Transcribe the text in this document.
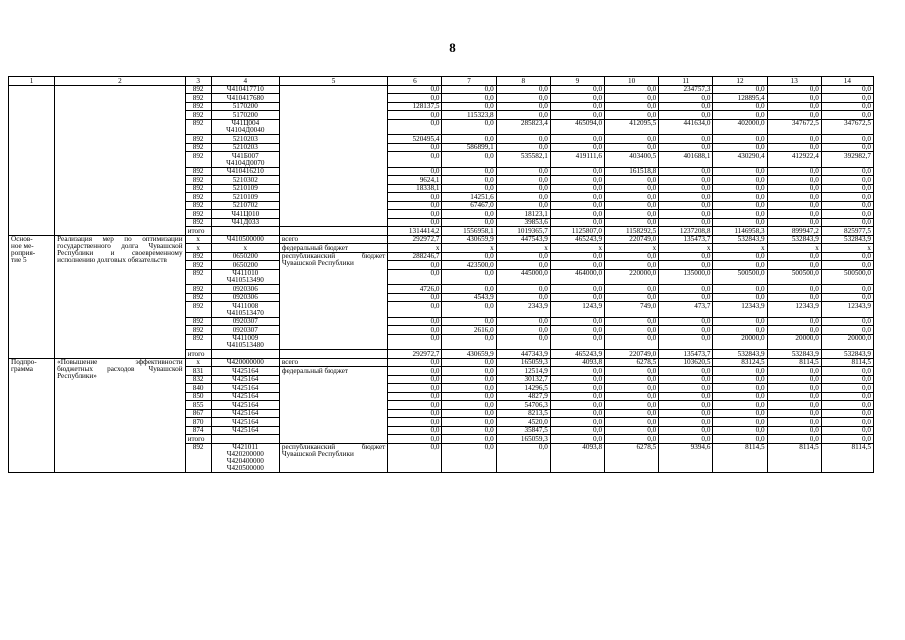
8
1	2	3	4	5	6	7	8	9	10	11	12	13	14
		892	Ч410417710		0,0	0,0	0,0	0,0	0,0	234757,3	0,0	0,0	0,0
		892	Ч410417680		0,0	0,0	0,0	0,0	0,0	0,0	128895,4	0,0	0,0
		892	5170200		128137,5	0,0	0,0	0,0	0,0	0,0	0,0	0,0	0,0
		892	5170200		0,0	115323,8	0,0	0,0	0,0	0,0	0,0	0,0	0,0
		892	Ч41Ц004
Ч4104Д0040		0,0	0,0	285823,4	465094,0	412095,5	441634,0	402000,0	347672,5	347672,5
		892	5210203		520495,4	0,0	0,0	0,0	0,0	0,0	0,0	0,0	0,0
		892	5210203		0,0	586899,1	0,0	0,0	0,0	0,0	0,0	0,0	0,0
		892	Ч41Б007
Ч4104Д0070		0,0	0,0	535582,1	419111,6	403400,5	401688,1	430290,4	412922,4	392982,7
		892	Ч410416210		0,0	0,0	0,0	0,0	161518,8	0,0	0,0	0,0	0,0
		892	5210302		9624,1	0,0	0,0	0,0	0,0	0,0	0,0	0,0	0,0
		892	5210109		18338,1	0,0	0,0	0,0	0,0	0,0	0,0	0,0	0,0
		892	5210109		0,0	14251,6	0,0	0,0	0,0	0,0	0,0	0,0	0,0
		892	5210702		0,0	67467,0	0,0	0,0	0,0	0,0	0,0	0,0	0,0
		892	Ч41Ц010		0,0	0,0	18123,1	0,0	0,0	0,0	0,0	0,0	0,0
		892	Ч41Д033		0,0	0,0	39853,6	0,0	0,0	0,0	0,0	0,0	0,0
		итого			1314414,2	1556958,1	1019365,7	1125807,0	1158292,5	1237208,8	1146958,3	899947,2	825977,5

Основ-
ное ме-
роприя-
тие 5	Реализация мер по оптимизации государственного долга Чувашской Республики и своевременному исполнению долговых обязательств	x	Ч410500000	всего	292972,7	430659,9	447543,9	465243,9	220749,0	135473,7	532843,9	532843,9	532843,9
		x	x	федеральный бюджет	x	x	x	x	x	x	x	x	x
		892	0650200	республиканский бюджет Чувашской Республики	288246,7	0,0	0,0	0,0	0,0	0,0	0,0	0,0	0,0
		892	0650200		0,0	423500,0	0,0	0,0	0,0	0,0	0,0	0,0	0,0
		892	Ч411010
Ч410513490		0,0	0,0	445000,0	464000,0	220000,0	135000,0	500500,0	500500,0	500500,0
		892	0920306		4726,0	0,0	0,0	0,0	0,0	0,0	0,0	0,0	0,0
		892	0920306		0,0	4543,9	0,0	0,0	0,0	0,0	0,0	0,0	0,0
		892	Ч411008
Ч410513470		0,0	0,0	2343,9	1243,9	749,0	473,7	12343,9	12343,9	12343,9
		892	0920307		0,0	0,0	0,0	0,0	0,0	0,0	0,0	0,0	0,0
		892	0920307		0,0	2616,0	0,0	0,0	0,0	0,0	0,0	0,0	0,0
		892	Ч411009
Ч410513480		0,0	0,0	0,0	0,0	0,0	0,0	20000,0	20000,0	20000,0
		итого			292972,7	430659,9	447343,9	465243,9	220749,0	135473,7	532843,9	532843,9	532843,9

Подпро-
грамма	«Повышение эффективности бюджетных расходов Чувашской Республики»	x	Ч420000000	всего	0,0	0,0	165059,3	4093,8	6278,5	103620,5	83124,5	8114,5	8114,5
		831	Ч425164	федеральный бюджет	0,0	0,0	12514,9	0,0	0,0	0,0	0,0	0,0	0,0
		832	Ч425164		0,0	0,0	30132,7	0,0	0,0	0,0	0,0	0,0	0,0
		840	Ч425164		0,0	0,0	14296,5	0,0	0,0	0,0	0,0	0,0	0,0
		850	Ч425164		0,0	0,0	4827,9	0,0	0,0	0,0	0,0	0,0	0,0
		855	Ч425164		0,0	0,0	54706,3	0,0	0,0	0,0	0,0	0,0	0,0
		867	Ч425164		0,0	0,0	8213,5	0,0	0,0	0,0	0,0	0,0	0,0
		870	Ч425164		0,0	0,0	4520,0	0,0	0,0	0,0	0,0	0,0	0,0
		874	Ч425164		0,0	0,0	35847,5	0,0	0,0	0,0	0,0	0,0	0,0
		итого			0,0	0,0	165059,3	0,0	0,0	0,0	0,0	0,0	0,0
		892	Ч421011
Ч420200000
Ч420400000
Ч420500000	республиканский бюджет Чувашской Республики	0,0	0,0	0,0	4093,8	6278,5	9394,6	8114,5	8114,5	8114,5
